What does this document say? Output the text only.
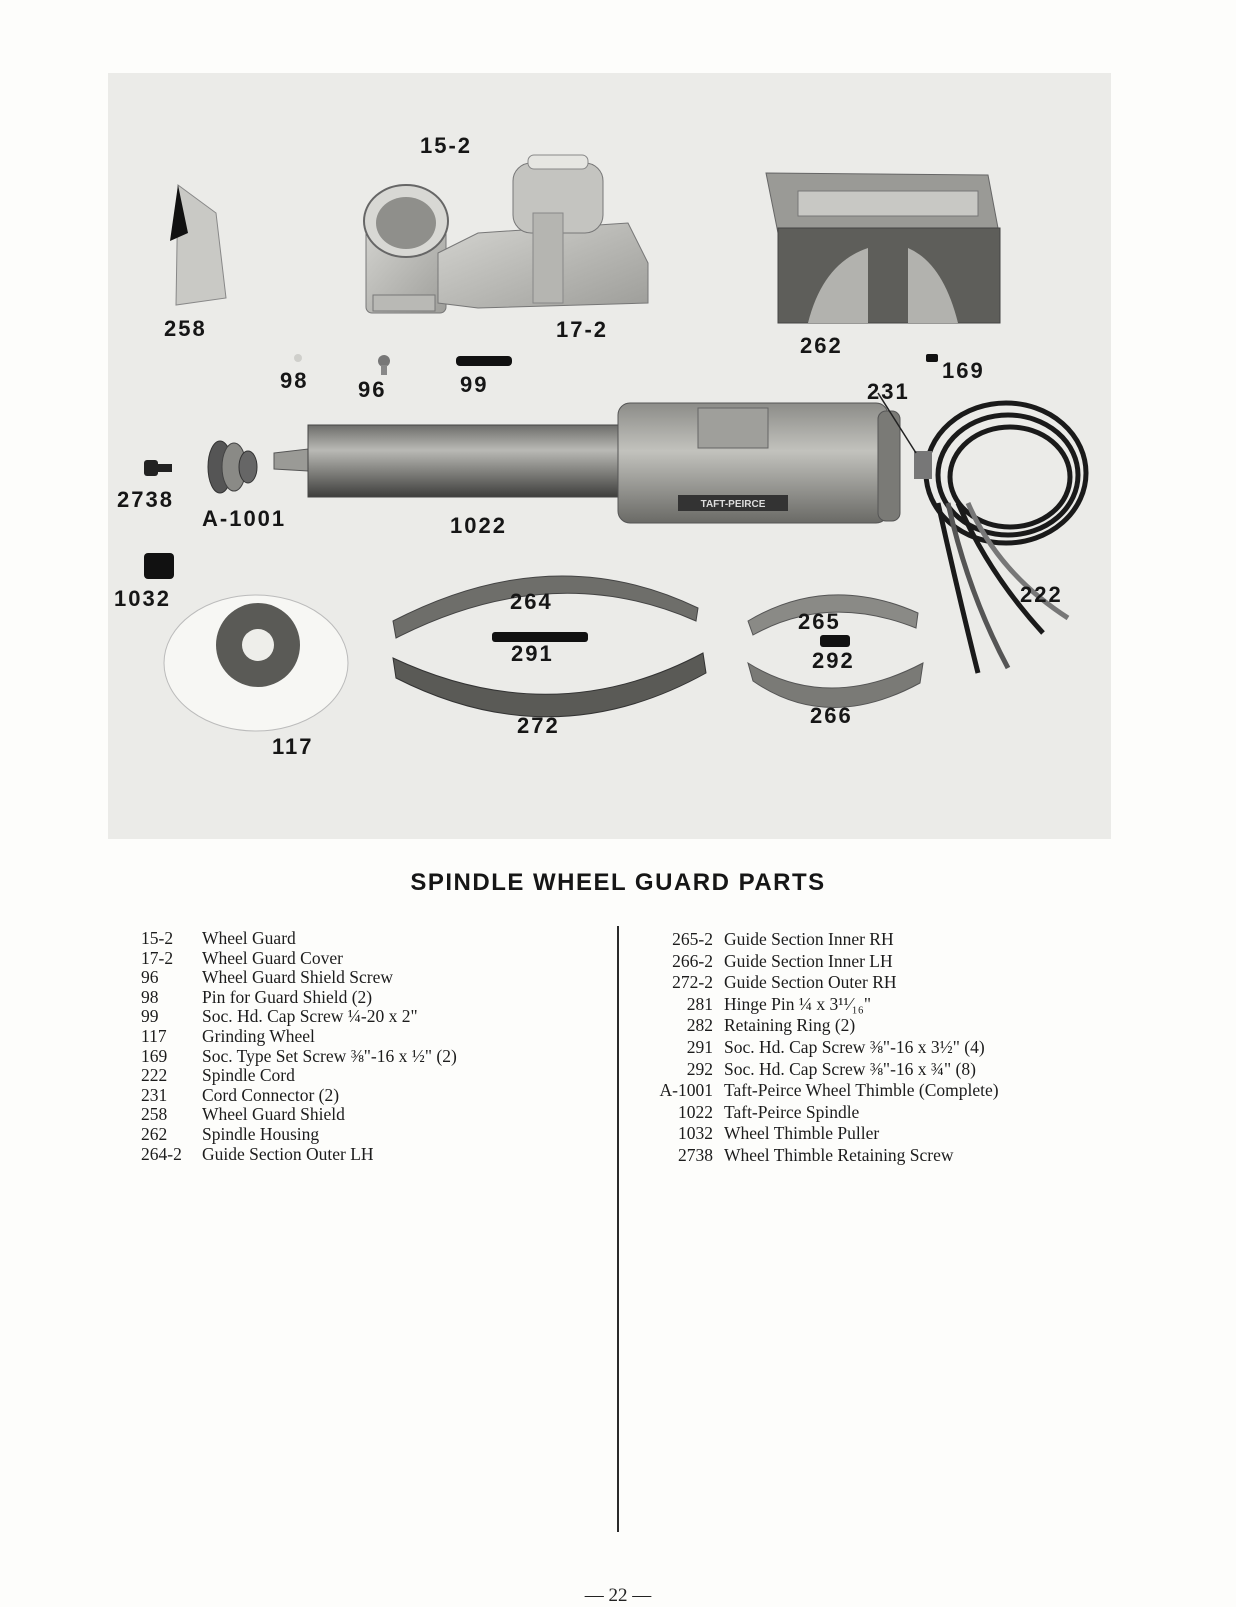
TAFT-PEIRCE
15-2
258	17-2
262
98 96	99
169
231
2738
A-1001	1022
1032	264
265
222
291	292
266
272
117
SPINDLE WHEEL GUARD PARTS
15-2 Wheel Guard
17-2 Wheel Guard Cover
96 Wheel Guard Shield Screw
98 Pin for Guard Shield (2)
99 Soc. Hd. Cap Screw ¼-20 x 2"
117 Grinding Wheel
169 Soc. Type Set Screw ⅜"-16 x ½" (2)
222 Spindle Cord
231 Cord Connector (2)
258 Wheel Guard Shield
262 Spindle Housing
264-2 Guide Section Outer LH
265-2 Guide Section Inner RH
266-2 Guide Section Inner LH
272-2 Guide Section Outer RH
281 Hinge Pin ¼ x 3¹¹⁄₁₆"
282 Retaining Ring (2)
291 Soc. Hd. Cap Screw ⅜"-16 x 3½" (4)
292 Soc. Hd. Cap Screw ⅜"-16 x ¾" (8)
A-1001 Taft-Peirce Wheel Thimble (Complete)
1022 Taft-Peirce Spindle
1032 Wheel Thimble Puller
2738 Wheel Thimble Retaining Screw
— 22 —
